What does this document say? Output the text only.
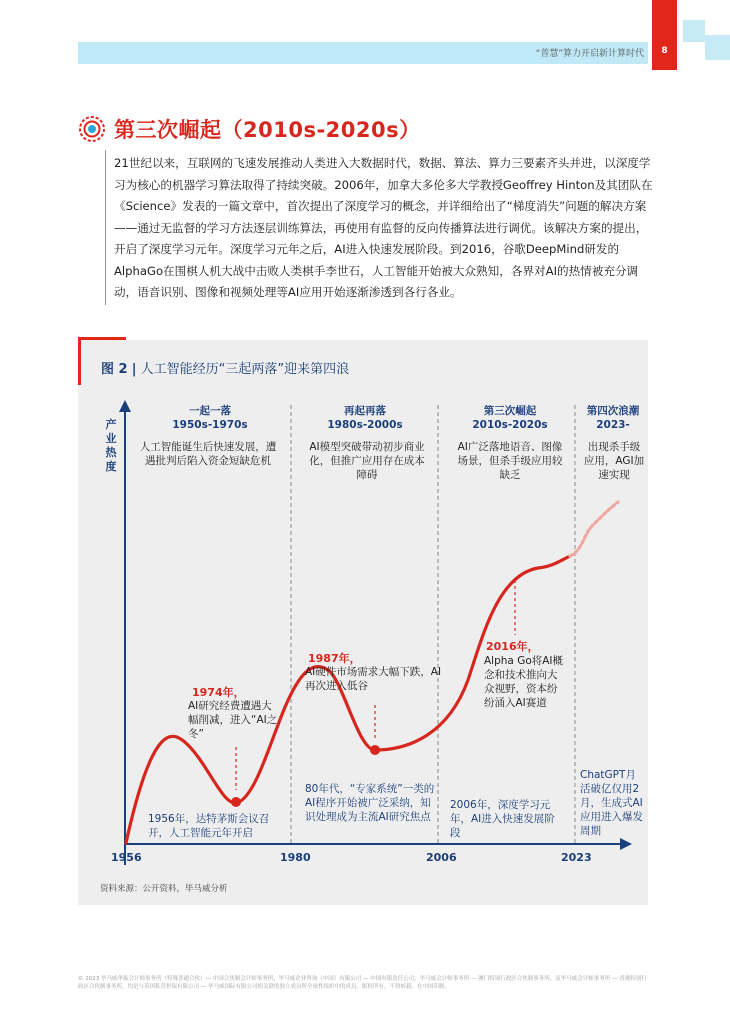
“普慧”算力开启新计算时代	8
第三次崛起（2010s-2020s）
21世纪以来，互联网的飞速发展推动人类进入大数据时代，数据、算法、算力三要素齐头并进，以深度学习为核心的机器学习算法取得了持续突破。2006年，加拿大多伦多大学教授Geoffrey Hinton及其团队在《Science》发表的一篇文章中，首次提出了深度学习的概念，并详细给出了“梯度消失”问题的解决方案——通过无监督的学习方法逐层训练算法，再使用有监督的反向传播算法进行调优。该解决方案的提出，开启了深度学习元年。深度学习元年之后，AI进入快速发展阶段。到2016，谷歌DeepMind研发的AlphaGo在围棋人机大战中击败人类棋手李世石，人工智能开始被大众熟知，各界对AI的热情被充分调动，语音识别、图像和视频处理等AI应用开始逐渐渗透到各行各业。
图 2 | 人工智能经历“三起两落”迎来第四浪
产业热度
一起一落
1950s-1970s
人工智能诞生后快速发展，遭遇批判后陷入资金短缺危机
再起再落
1980s-2000s
AI模型突破带动初步商业化，但推广应用存在成本障碍
第三次崛起
2010s-2020s
AI广泛落地语音、图像场景，但杀手级应用较缺乏
第四次浪潮
2023-
出现杀手级应用，AGI加速实现
1974年，
AI研究经费遭遇大幅削减，进入“AI之冬”
1987年，
AI硬件市场需求大幅下跌，AI再次进入低谷
2016年，
Alpha Go将AI概念和技术推向大众视野，资本纷纷涌入AI赛道
1956年，达特茅斯会议召开，人工智能元年开启
80年代，“专家系统”一类的AI程序开始被广泛采纳，知识处理成为主流AI研究焦点
2006年，深度学习元年，AI进入快速发展阶段
ChatGPT月活破亿仅用2月，生成式AI应用进入爆发周期
1956	1980	2006	2023
资料来源：公开资料，毕马威分析
© 2023 毕马威华振会计师事务所（特殊普通合伙）— 中国合伙制会计师事务所，毕马威企业咨询（中国）有限公司 — 中国有限责任公司，毕马威会计师事务所 — 澳门特别行政区合伙制事务所，及毕马威会计师事务所 — 香港特别行政区合伙制事务所，均是与英国私营担保有限公司 — 毕马威国际有限公司相关联的独立成员所全球性组织中的成员。版权所有，不得转载。在中国印制。
